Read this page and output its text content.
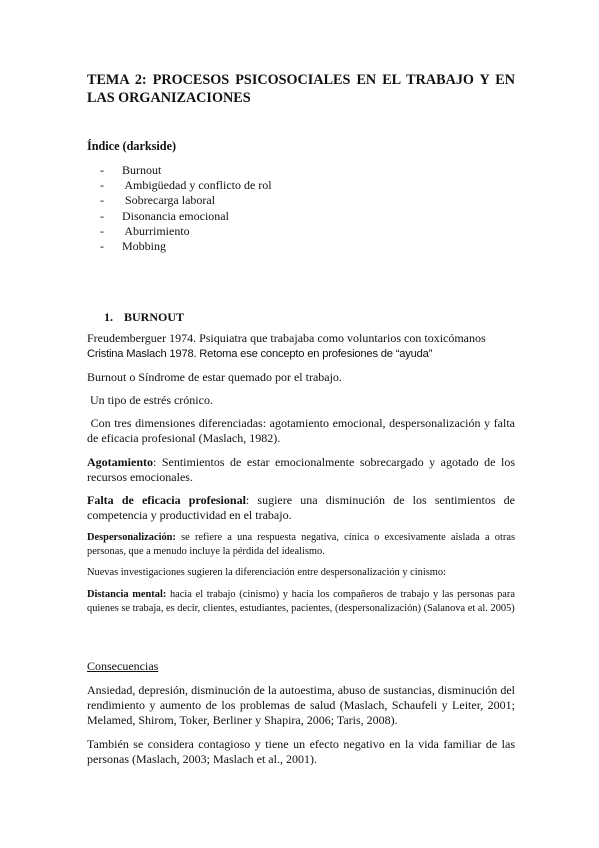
TEMA 2: PROCESOS PSICOSOCIALES EN EL TRABAJO Y EN LAS ORGANIZACIONES
Índice (darkside)
- Burnout
- Ambigüedad y conflicto de rol
- Sobrecarga laboral
- Disonancia emocional
- Aburrimiento
- Mobbing
1. BURNOUT

Freudemberguer 1974. Psiquiatra que trabajaba como voluntarios con toxicómanos

Cristina Maslach 1978. Retoma ese concepto en profesiones de “ayuda”

Burnout o Síndrome de estar quemado por el trabajo.

Un tipo de estrés crónico.

Con tres dimensiones diferenciadas: agotamiento emocional, despersonalización y falta de eficacia profesional (Maslach, 1982).

Agotamiento: Sentimientos de estar emocionalmente sobrecargado y agotado de los recursos emocionales.

Falta de eficacia profesional: sugiere una disminución de los sentimientos de competencia y productividad en el trabajo.

Despersonalización: se refiere a una respuesta negativa, cínica o excesivamente aislada a otras personas, que a menudo incluye la pérdida del idealismo.

Nuevas investigaciones sugieren la diferenciación entre despersonalización y cinismo:

Distancia mental: hacia el trabajo (cinismo) y hacia los compañeros de trabajo y las personas para quienes se trabaja, es decir, clientes, estudiantes, pacientes, (despersonalización) (Salanova et al. 2005)

Consecuencias

Ansiedad, depresión, disminución de la autoestima, abuso de sustancias, disminución del rendimiento y aumento de los problemas de salud (Maslach, Schaufeli y Leiter, 2001; Melamed, Shirom, Toker, Berliner y Shapira, 2006; Taris, 2008).

También se considera contagioso y tiene un efecto negativo en la vida familiar de las personas (Maslach, 2003; Maslach et al., 2001).
